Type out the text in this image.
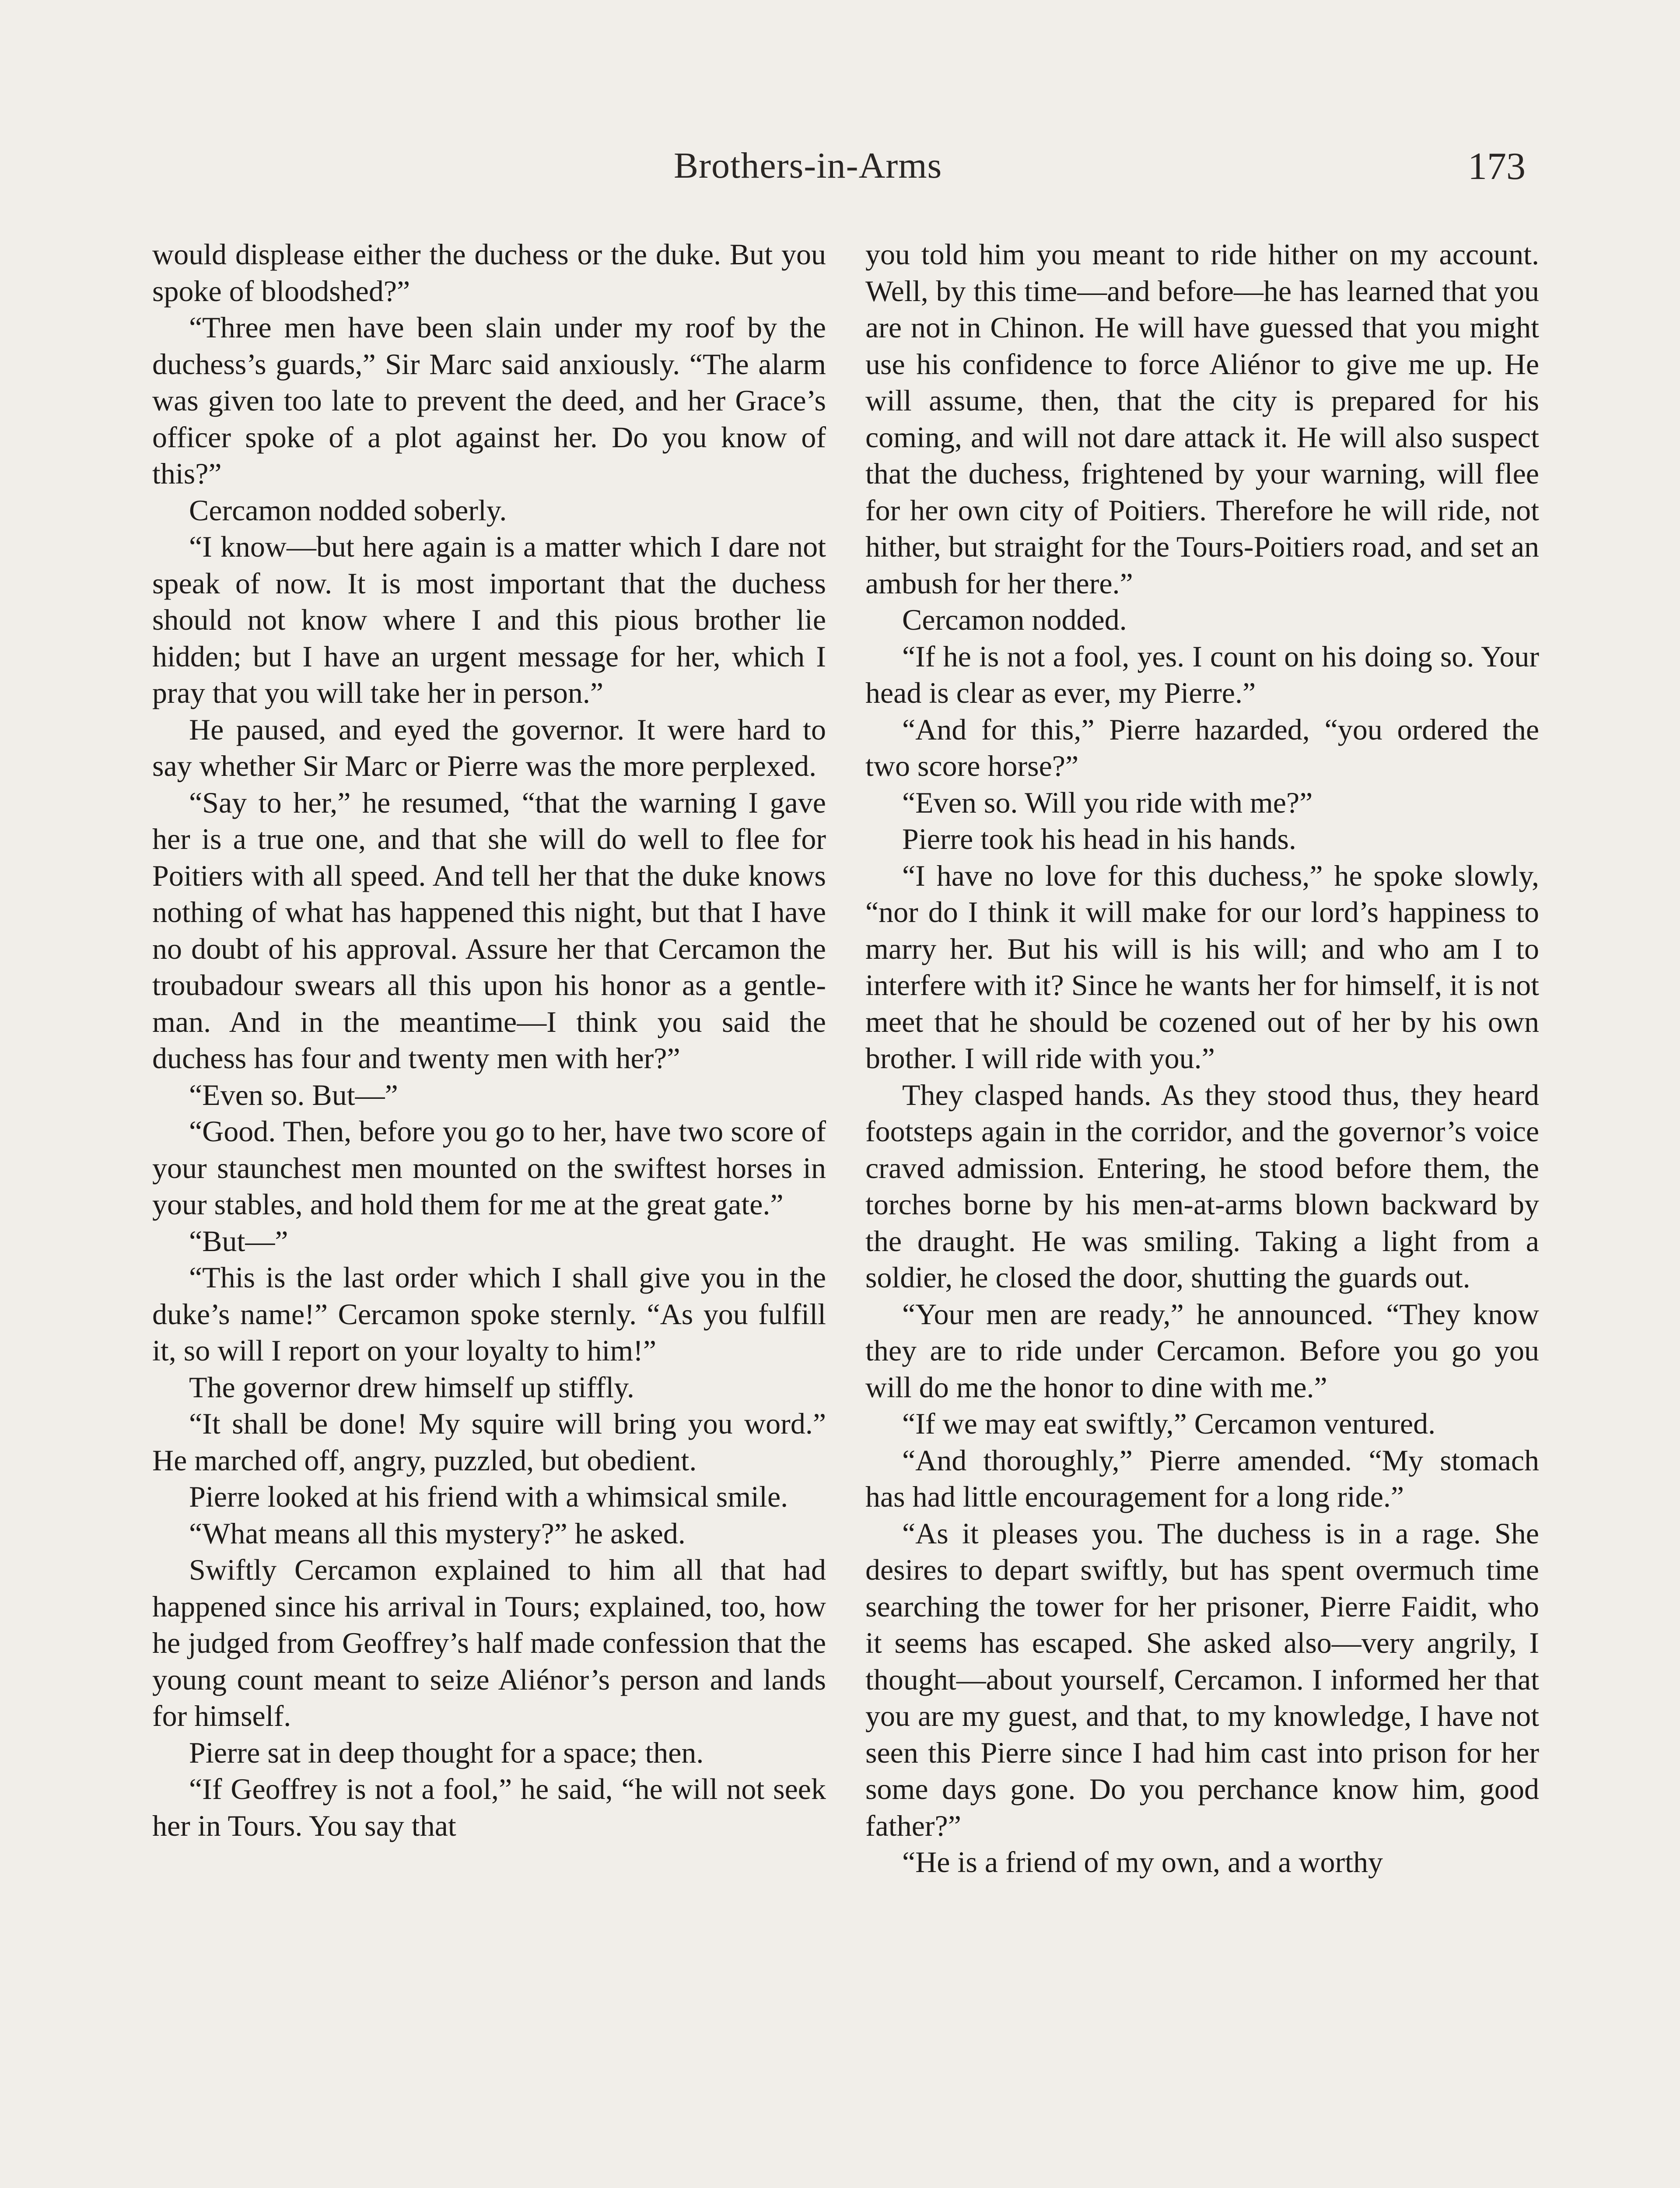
Brothers-in-Arms	173

would displease either the duchess or the duke. But you spoke of bloodshed?”

“Three men have been slain under my roof by the duchess’s guards,” Sir Marc said anxiously. “The alarm was given too late to prevent the deed, and her Grace’s officer spoke of a plot against her. Do you know of this?”

Cercamon nodded soberly.

“I know—but here again is a matter which I dare not speak of now. It is most important that the duchess should not know where I and this pious brother lie hidden; but I have an urgent message for her, which I pray that you will take her in person.”

He paused, and eyed the governor. It were hard to say whether Sir Marc or Pierre was the more perplexed.

“Say to her,” he resumed, “that the warning I gave her is a true one, and that she will do well to flee for Poitiers with all speed. And tell her that the duke knows nothing of what has happened this night, but that I have no doubt of his approval. Assure her that Cercamon the troubadour swears all this upon his honor as a gentleman. And in the meantime—I think you said the duchess has four and twenty men with her?”

“Even so. But—”

“Good. Then, before you go to her, have two score of your staunchest men mounted on the swiftest horses in your stables, and hold them for me at the great gate.”

“But—”

“This is the last order which I shall give you in the duke’s name!” Cercamon spoke sternly. “As you fulfill it, so will I report on your loyalty to him!”

The governor drew himself up stiffly.

“It shall be done! My squire will bring you word.” He marched off, angry, puzzled, but obedient.

Pierre looked at his friend with a whimsical smile.

“What means all this mystery?” he asked.

Swiftly Cercamon explained to him all that had happened since his arrival in Tours; explained, too, how he judged from Geoffrey’s half made confession that the young count meant to seize Aliénor’s person and lands for himself.

Pierre sat in deep thought for a space; then.

“If Geoffrey is not a fool,” he said, “he will not seek her in Tours. You say that

you told him you meant to ride hither on my account. Well, by this time—and before—he has learned that you are not in Chinon. He will have guessed that you might use his confidence to force Aliénor to give me up. He will assume, then, that the city is prepared for his coming, and will not dare attack it. He will also suspect that the duchess, frightened by your warning, will flee for her own city of Poitiers. Therefore he will ride, not hither, but straight for the Tours-Poitiers road, and set an ambush for her there.”

Cercamon nodded.

“If he is not a fool, yes. I count on his doing so. Your head is clear as ever, my Pierre.”

“And for this,” Pierre hazarded, “you ordered the two score horse?”

“Even so. Will you ride with me?”

Pierre took his head in his hands.

“I have no love for this duchess,” he spoke slowly, “nor do I think it will make for our lord’s happiness to marry her. But his will is his will; and who am I to interfere with it? Since he wants her for himself, it is not meet that he should be cozened out of her by his own brother. I will ride with you.”

They clasped hands. As they stood thus, they heard footsteps again in the corridor, and the governor’s voice craved admission. Entering, he stood before them, the torches borne by his men-at-arms blown backward by the draught. He was smiling. Taking a light from a soldier, he closed the door, shutting the guards out.

“Your men are ready,” he announced. “They know they are to ride under Cercamon. Before you go you will do me the honor to dine with me.”

“If we may eat swiftly,” Cercamon ventured.

“And thoroughly,” Pierre amended. “My stomach has had little encouragement for a long ride.”

“As it pleases you. The duchess is in a rage. She desires to depart swiftly, but has spent overmuch time searching the tower for her prisoner, Pierre Faidit, who it seems has escaped. She asked also—very angrily, I thought—about yourself, Cercamon. I informed her that you are my guest, and that, to my knowledge, I have not seen this Pierre since I had him cast into prison for her some days gone. Do you perchance know him, good father?”

“He is a friend of my own, and a worthy
